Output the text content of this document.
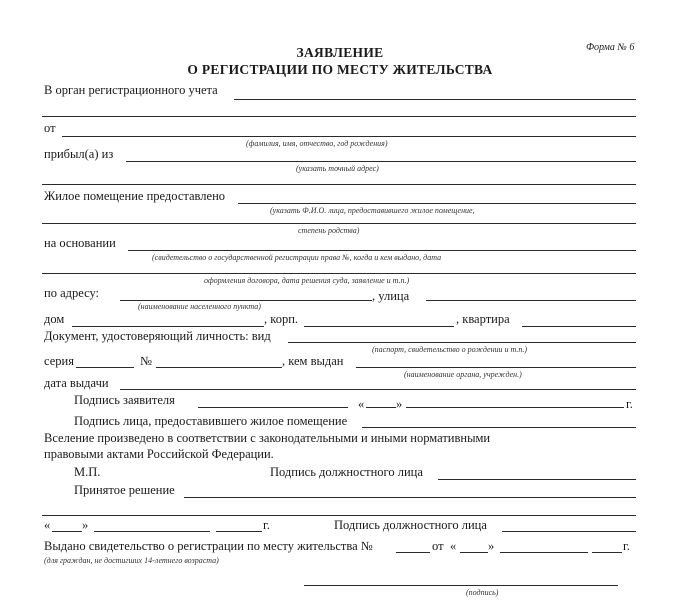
Форма № 6
ЗАЯВЛЕНИЕ
О РЕГИСТРАЦИИ ПО МЕСТУ ЖИТЕЛЬСТВА
В орган регистрационного учета
от
(фамилия, имя, отчество, год рождения)
прибыл(а) из
(указать точный адрес)
Жилое помещение предоставлено
(указать Ф.И.О. лица, предоставившего жилое помещение,
степень родства)
на основании
(свидетельство о государственной регистрации права №, когда и кем выдано, дата
оформления договора, дата решения суда, заявление и т.п.)
по адресу:	, улица
(наименование населенного пункта)
дом	, корп.	, квартира
Документ, удостоверяющий личность: вид
(паспорт, свидетельство о рождении и т.п.)
серия	№	, кем выдан
(наименование органа, учрежден.)
дата выдачи
Подпись заявителя	«	»	г.
Подпись лица, предоставившего жилое помещение
Вселение произведено в соответствии с законодательными и иными нормативными
правовыми актами Российской Федерации.
М.П.	Подпись должностного лица
Принятое решение
«	»	г.	Подпись должностного лица
Выдано свидетельство о регистрации по месту жительства №	от «	»	г.
(для граждан, не достигших 14-летнего возраста)
(подпись)
